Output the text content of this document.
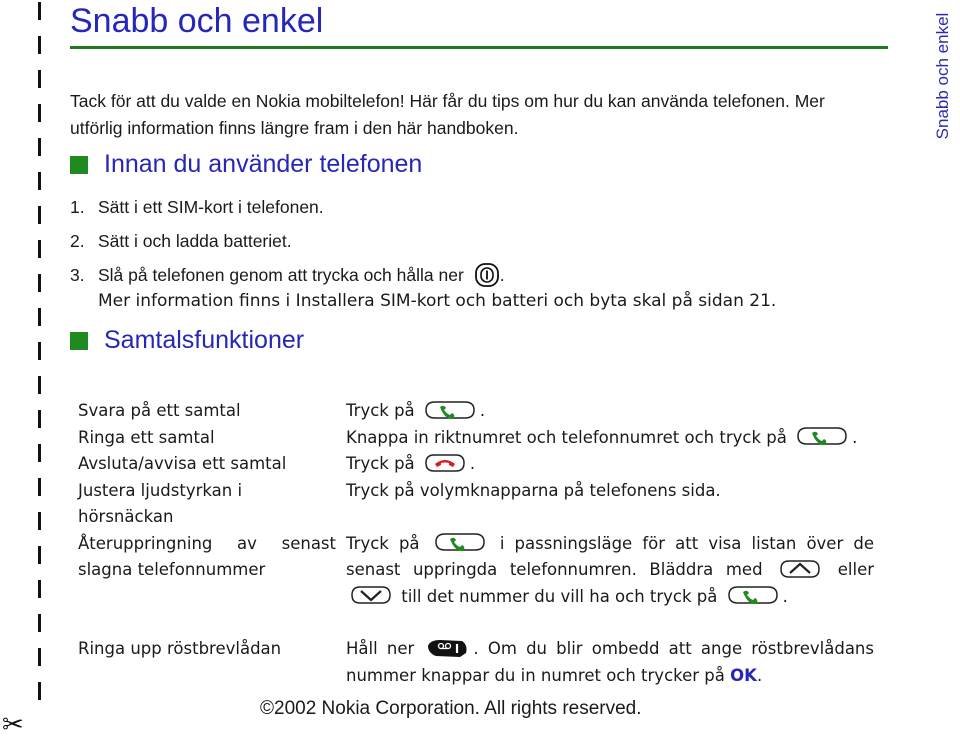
✂
Snabb och enkel
Snabb och enkel

Tack för att du valde en Nokia mobiltelefon! Här får du tips om hur du kan använda telefonen. Mer utförlig information finns längre fram i den här handboken.

Innan du använder telefonen
1. Sätt i ett SIM-kort i telefonen.
2. Sätt i och ladda batteriet.
3. Slå på telefonen genom att trycka och hålla ner .

Mer information finns i Installera SIM-kort och batteri och byta skal på sidan 21.

Samtalsfunktioner
Svara på ett samtal	Tryck på .
Ringa ett samtal	Knappa in riktnumret och telefonnumret och tryck på .
Avsluta/avvisa ett samtal	Tryck på .
Justera ljudstyrkan i hörsnäckan	Tryck på volymknapparna på telefonens sida.
Återuppringning av senast slagna telefonnummer	Tryck på i passningsläge för att visa listan över de senast uppringda telefonnumren. Bläddra med eller  till det nummer du vill ha och tryck på .
Ringa upp röstbrevlådan	Håll ner . Om du blir ombedd att ange röstbrevlådans nummer knappar du in numret och trycker på OK.

©2002 Nokia Corporation. All rights reserved.
